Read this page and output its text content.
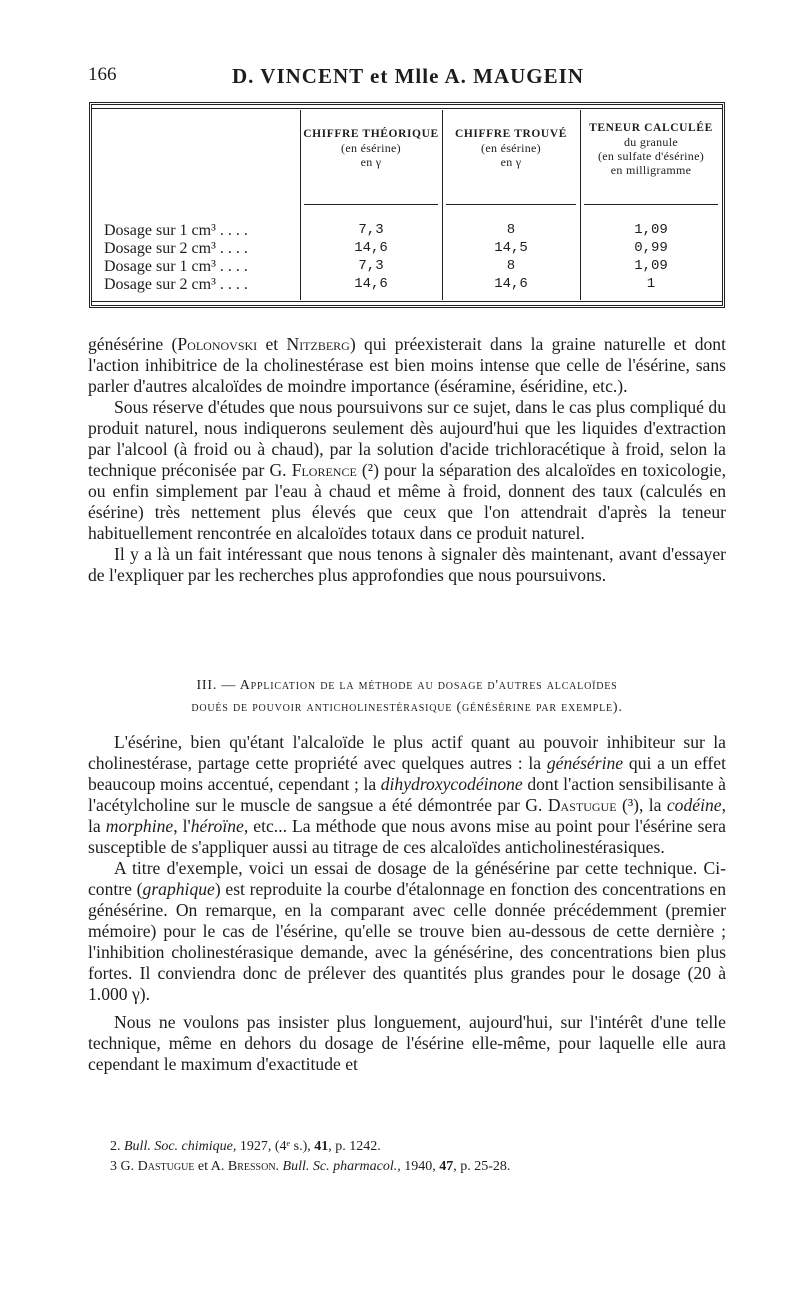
166	D. VINCENT et Mlle A. MAUGEIN
CHIFFRE THÉORIQUE
(en ésérine)
en γ
CHIFFRE TROUVÉ
(en ésérine)
en γ
TENEUR CALCULÉE
du granule
(en sulfate d'ésérine)
en milligramme
Dosage sur 1 cm³ . . . .	7,3	8	1,09
Dosage sur 2 cm³ . . . .	14,6	14,5	0,99
Dosage sur 1 cm³ . . . .	7,3	8	1,09
Dosage sur 2 cm³ . . . .	14,6	14,6	1

génésérine (Polonovski et Nitzberg) qui préexisterait dans la graine naturelle et dont l'action inhibitrice de la cholinestérase est bien moins intense que celle de l'ésérine, sans parler d'autres alcaloïdes de moindre importance (éséramine, éséridine, etc.).

Sous réserve d'études que nous poursuivons sur ce sujet, dans le cas plus compliqué du produit naturel, nous indiquerons seulement dès aujourd'hui que les liquides d'extraction par l'alcool (à froid ou à chaud), par la solution d'acide trichloracétique à froid, selon la technique préconisée par G. Florence (²) pour la séparation des alcaloïdes en toxicologie, ou enfin simplement par l'eau à chaud et même à froid, donnent des taux (calculés en ésérine) très nettement plus élevés que ceux que l'on attendrait d'après la teneur habituellement rencontrée en alcaloïdes totaux dans ce produit naturel.

Il y a là un fait intéressant que nous tenons à signaler dès maintenant, avant d'essayer de l'expliquer par les recherches plus approfondies que nous poursuivons.

III. — Application de la méthode au dosage d'autres alcaloïdes
doués de pouvoir anticholinestérasique (génésérine par exemple).

L'ésérine, bien qu'étant l'alcaloïde le plus actif quant au pouvoir inhibiteur sur la cholinestérase, partage cette propriété avec quelques autres : la génésérine qui a un effet beaucoup moins accentué, cependant ; la dihydroxycodéinone dont l'action sensibilisante à l'acétylcholine sur le muscle de sangsue a été démontrée par G. Dastugue (³), la codéine, la morphine, l'héroïne, etc... La méthode que nous avons mise au point pour l'ésérine sera susceptible de s'appliquer aussi au titrage de ces alcaloïdes anticholinestérasiques.

A titre d'exemple, voici un essai de dosage de la génésérine par cette technique. Ci-contre (graphique) est reproduite la courbe d'étalonnage en fonction des concentrations en génésérine. On remarque, en la comparant avec celle donnée précédemment (premier mémoire) pour le cas de l'ésérine, qu'elle se trouve bien au-dessous de cette dernière ; l'inhibition cholinestérasique demande, avec la génésérine, des concentrations bien plus fortes. Il conviendra donc de prélever des quantités plus grandes pour le dosage (20 à 1.000 γ).

Nous ne voulons pas insister plus longuement, aujourd'hui, sur l'intérêt d'une telle technique, même en dehors du dosage de l'ésérine elle-même, pour laquelle elle aura cependant le maximum d'exactitude et

2. Bull. Soc. chimique, 1927, (4ᵉ s.), 41, p. 1242.
3 G. Dastugue et A. Bresson. Bull. Sc. pharmacol., 1940, 47, p. 25-28.
